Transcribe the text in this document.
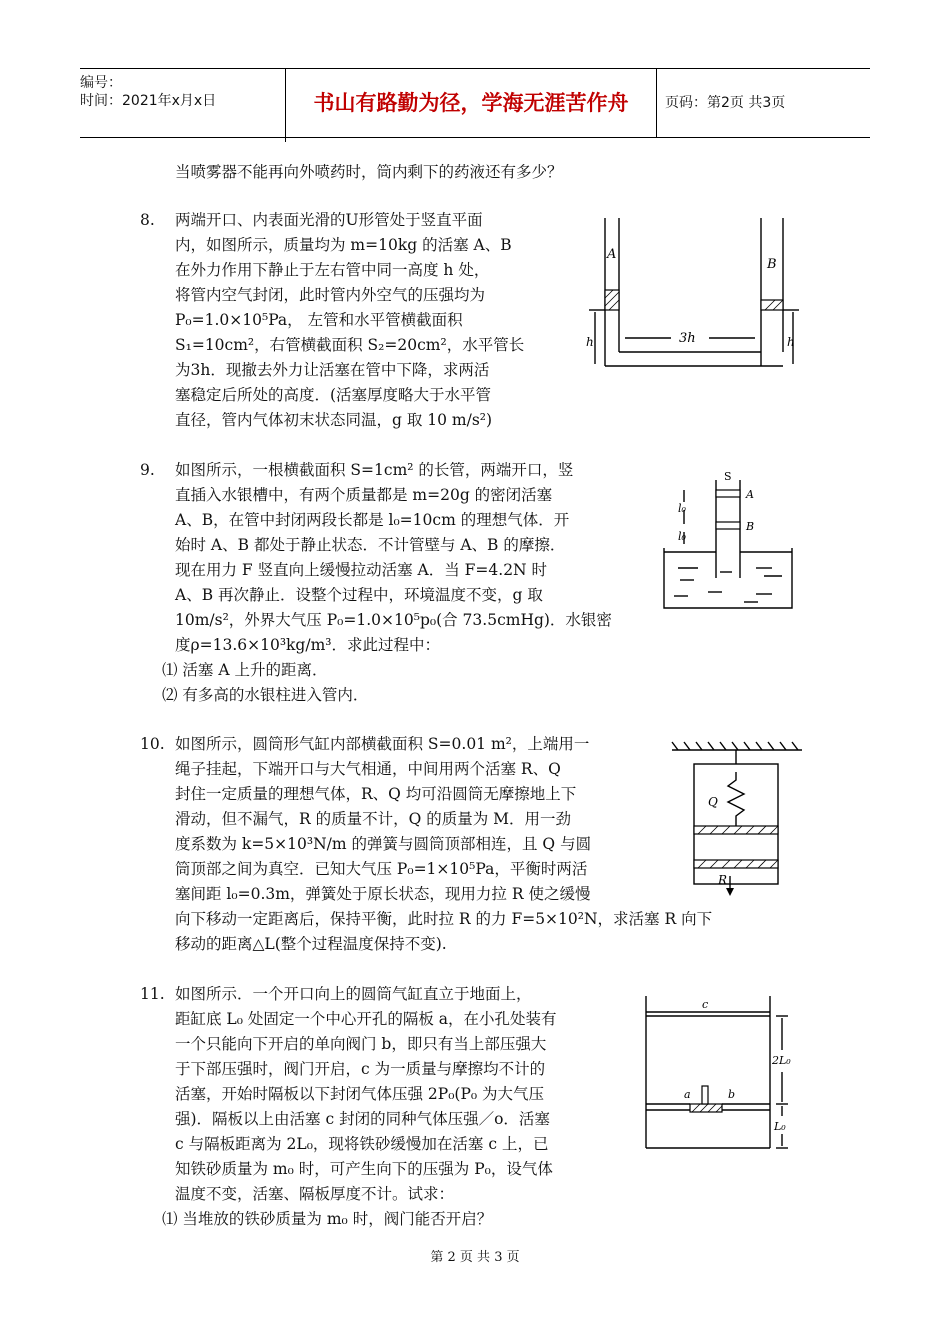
编号：
时间：2021年x月x日	书山有路勤为径，学海无涯苦作舟	页码：第2页 共3页
当喷雾器不能再向外喷药时，筒内剩下的药液还有多少？
8. 两端开口、内表面光滑的U形管处于竖直平面
内，如图所示，质量均为 m=10kg 的活塞 A、B
在外力作用下静止于左右管中同一高度 h 处，
将管内空气封闭，此时管内外空气的压强均为
P₀=1.0×10⁵Pa， 左管和水平管横截面积
S₁=10cm²，右管横截面积 S₂=20cm²，水平管长
为3h．现撤去外力让活塞在管中下降，求两活
塞稳定后所处的高度．(活塞厚度略大于水平管
直径，管内气体初末状态同温，g 取 10 m/s²)
A
B
3h
h	h
9. 如图所示，一根横截面积 S=1cm² 的长管，两端开口，竖
直插入水银槽中，有两个质量都是 m=20g 的密闭活塞
A、B，在管中封闭两段长都是 l₀=10cm 的理想气体．开
始时 A、B 都处于静止状态．不计管壁与 A、B 的摩擦．
现在用力 F 竖直向上缓慢拉动活塞 A．当 F=4.2N 时
A、B 再次静止．设整个过程中，环境温度不变，g 取
10m/s²，外界大气压 P₀=1.0×10⁵p₀(合 73.5cmHg)．水银密
度ρ=13.6×10³kg/m³．求此过程中：
⑴ 活塞 A 上升的距离．
⑵ 有多高的水银柱进入管内．
S
A
B
l₀
l₀
10. 如图所示，圆筒形气缸内部横截面积 S=0.01 m²，上端用一
绳子挂起，下端开口与大气相通，中间用两个活塞 R、Q
封住一定质量的理想气体，R、Q 均可沿圆筒无摩擦地上下
滑动，但不漏气，R 的质量不计，Q 的质量为 M．用一劲
度系数为 k=5×10³N/m 的弹簧与圆筒顶部相连，且 Q 与圆
筒顶部之间为真空．已知大气压 P₀=1×10⁵Pa，平衡时两活
塞间距 l₀=0.3m，弹簧处于原长状态，现用力拉 R 使之缓慢
向下移动一定距离后，保持平衡，此时拉 R 的力 F=5×10²N，求活塞 R 向下
移动的距离△L(整个过程温度保持不变).
Q
R
11. 如图所示．一个开口向上的圆筒气缸直立于地面上，
距缸底 L₀ 处固定一个中心开孔的隔板 a，在小孔处装有
一个只能向下开启的单向阀门 b，即只有当上部压强大
于下部压强时，阀门开启，c 为一质量与摩擦均不计的
活塞，开始时隔板以下封闭气体压强 2P₀(P₀ 为大气压
强)．隔板以上由活塞 c 封闭的同种气体压强／o．活塞
c 与隔板距离为 2L₀，现将铁砂缓慢加在活塞 c 上，已
知铁砂质量为 m₀ 时，可产生向下的压强为 P₀，设气体
温度不变，活塞、隔板厚度不计。试求：
⑴ 当堆放的铁砂质量为 m₀ 时，阀门能否开启？
c
a	b
2L₀
L₀
第 2 页 共 3 页
